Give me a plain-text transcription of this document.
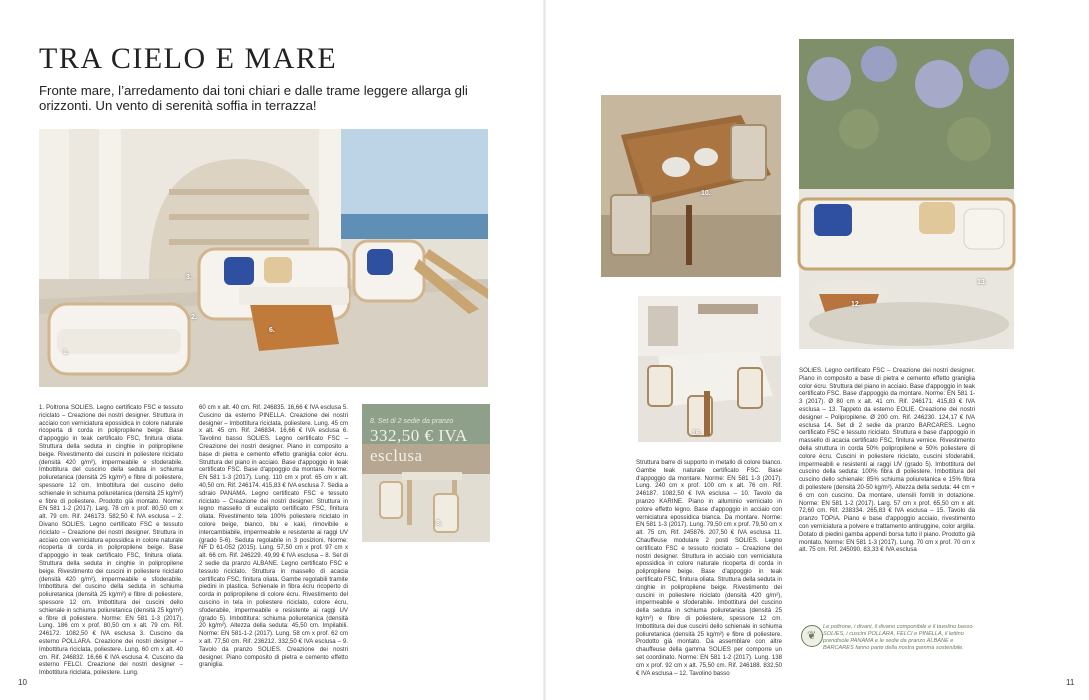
TRA CIELO E MARE

Fronte mare, l’arredamento dai toni chiari e dalle trame leggere allarga gli orizzonti. Un vento di serenità soffia in terrazza!

1.
2.
3.
6.
1. Poltrona SOLIES. Legno certificato FSC e tessuto riciclato – Creazione dei nostri designer. Struttura in acciaio con verniciatura epossidica in colore naturale ricoperta di corda in polipropilene beige. Base d'appoggio in teak certificato FSC, finitura oliata. Struttura della seduta in cinghie in polipropilene beige. Rivestimento dei cuscini in poliestere riciclato (densità 420 g/m²), impermeabile e sfoderabile. Imbottitura del cuscino della seduta in schiuma poliuretanica (densità 25 kg/m²) e fibre di poliestere, spessore 12 cm. Imbottitura del cuscino dello schienale in schiuma poliuretanica (densità 25 kg/m²) e fibre di poliestere. Prodotto già montato. Norme: EN 581 1-2 (2017). Larg. 78 cm x prof. 80,50 cm x alt. 79 cm. Rif. 246173. 582,50 € IVA esclusa – 2. Divano SOLIES. Legno certificato FSC e tessuto riciclato – Creazione dei nostri designer. Struttura in acciaio con verniciatura epossidica in colore naturale ricoperta di corda in polipropilene beige. Base d'appoggio in teak certificato FSC, finitura oliata. Struttura della seduta in cinghie in polipropilene beige. Rivestimento dei cuscini in poliestere riciclato (densità 420 g/m²), impermeabile e sfoderabile. Imbottitura del cuscino della seduta in schiuma poliuretanica (densità 25 kg/m²) e fibre di poliestere, spessore 12 cm. Imbottitura dei cuscini dello schienale in schiuma poliuretanica (densità 25 kg/m²) e fibre di poliestere. Norme: EN 581 1-3 (2017). Lung. 186 cm x prof. 80,50 cm x alt. 79 cm. Rif. 246172. 1082,50 € IVA esclusa 3. Cuscino da esterno POLLARA. Creazione dei nostri designer – Imbottitura riciclata, poliestere. Lung. 60 cm x alt. 40 cm. Rif. 246832. 16,66 € IVA esclusa 4. Cuscino da esterno FELCI. Creazione dei nostri designer – Imbottitura riciclata, poliestere. Lung.
60 cm x alt. 40 cm. Rif. 246835. 16,66 € IVA esclusa 5. Cuscino da esterno PINELLA. Creazione dei nostri designer – Imbottitura riciclata, poliestere. Lung. 45 cm x alt. 45 cm. Rif. 246834. 16,66 € IVA esclusa 6. Tavolino basso SOLIES. Legno certificato FSC – Creazione dei nostri designer. Piano in composito a base di pietra e cemento effetto graniglia color écru. Struttura del piano in acciaio. Base d'appoggio in teak certificato FSC. Base d'appoggio da montare. Norme: EN 581 1-3 (2017). Lung. 110 cm x prof. 65 cm x alt. 40,50 cm. Rif. 246174. 415,83 € IVA esclusa 7. Sedia a sdraio PANAMA. Legno certificato FSC e tessuto riciclato – Creazione dei nostri designer. Struttura in legno massello di eucalipto certificato FSC, finitura oliata. Rivestimento tela 100% poliestere riciclato in colore beige, bianco, blu e kaki, rimovibile e intercambiabile, impermeabile e resistente ai raggi UV (grado 5-6). Seduta regolabile in 3 posizioni. Norme: NF D 61-052 (2015). Lung. 57,50 cm x prof. 97 cm x alt. 66 cm. Rif. 246229. 49,99 € IVA esclusa – 8. Set di 2 sedie da pranzo ALBANE. Legno certificato FSC e tessuto riciclato. Struttura in massello di acacia certificato FSC, finitura oliata. Gambe regolabili tramite piedini in plastica. Schienale in fibra écru ricoperto di corda in polipropilene di colore écru. Rivestimento del cuscino in tela in poliestere riciclato, colore écru, sfoderabile, impermeabile e resistente ai raggi UV (grado 5). Imbottitura: schiuma poliuretanica (densità 20 kg/m²). Altezza della seduta: 45,50 cm. Impilabili. Norme: EN 581-1-2 (2017). Lung. 58 cm x prof. 62 cm x alt. 77,50 cm. Rif. 236212. 332,50 € IVA esclusa – 9. Tavolo da pranzo SOLIES. Creazione dei nostri designer. Piano composito di pietra e cemento effetto graniglia.
8. Set di 2 sedie da pranzo
332,50 € IVA esclusa
8.
10
10.
12.
13.
16.
Struttura barre di supporto in metallo di colore bianco. Gambe teak naturale certificato FSC. Base d'appoggio da montare. Norme: EN 581 1-3 (2017). Lung. 240 cm x prof. 100 cm x alt. 76 cm. Rif. 246187. 1082,50 € IVA esclusa – 10. Tavolo da pranzo KARINE. Piano in alluminio verniciato in colore effetto legno. Base d'appoggio in acciaio con verniciatura epossidica bianca. Da montare. Norme: EN 581 1-3 (2017). Lung. 79,50 cm x prof. 79,50 cm x alt. 75 cm. Rif. 245876. 207,50 € IVA esclusa 11. Chauffeuse modulare 2 posti SOLIES. Legno certificato FSC e tessuto riciclato – Creazione dei nostri designer. Struttura in acciaio con verniciatura epossidica in colore naturale ricoperta di corda in polipropilene beige. Base d'appoggio in teak certificato FSC, finitura oliata. Struttura della seduta in cinghie in polipropilene beige. Rivestimento dei cuscini in poliestere riciclato (densità 420 g/m²), impermeabile e sfoderabile. Imbottitura del cuscino della seduta in schiuma poliuretanica (densità 25 kg/m²) e fibre di poliestere, spessore 12 cm. Imbottitura dei due cuscini dello schienale in schiuma poliuretanica (densità 25 kg/m²) e fibre di poliestere. Prodotto già montato. Da assemblare con altre chauffeuse della gamma SOLIES per comporre un set coordinato. Norme: EN 581 1-2 (2017). Lung. 138 cm x prof. 92 cm x alt. 75,50 cm. Rif. 246188. 832,50 € IVA esclusa – 12. Tavolino basso
SOLIES. Legno certificato FSC – Creazione dei nostri designer. Piano in composito a base di pietra e cemento effetto graniglia color écru. Struttura del piano in acciaio. Base d'appoggio in teak certificato FSC. Base d'appoggio da montare. Norme: EN 581 1-3 (2017). Ø 80 cm x alt. 41 cm. Rif. 246171. 415,83 € IVA esclusa – 13. Tappeto da esterno EOLIE. Creazione dei nostri designer – Polipropilene. Ø 200 cm. Rif. 246230. 124,17 € IVA esclusa 14. Set di 2 sedie da pranzo BARCARES. Legno certificato FSC e tessuto riciclato. Struttura e base d'appoggio in massello di acacia certificato FSC, finitura vernice. Rivestimento della struttura in corda 50% polipropilene e 50% poliestere di colore écru. Cuscini in poliestere riciclato, cuscini sfoderabili, impermeabili e resistenti ai raggi UV (grado 5). Imbottitura del cuscino della seduta: 100% fibra di poliestere. Imbottitura del cuscino dello schienale: 85% schiuma poliuretanica e 15% fibra di poliestere (densità 20-50 kg/m²). Altezza della seduta: 44 cm + 6 cm con cuscino. Da montare, utensili forniti in dotazione. Norme: EN 581 1-2 (2017). Larg. 57 cm x prof. 65,50 cm x alt. 72,60 cm. Rif. 238334. 265,83 € IVA esclusa – 15. Tavolo da pranzo TOPIA. Piano e base d'appoggio acciaio, rivestimento con verniciatura a polvere e trattamento antiruggine, color argilla. Dotato di piedini gamba appendi borsa tutto il piano. Prodotto già montato. Norme: EN 581 1-3 (2017). Lung. 70 cm x prof. 70 cm x alt. 75 cm. Rif. 245090. 83,33 € IVA esclusa
❦
Le poltrone, i divani, il divano componibile e il tavolino basso SOLIES, i cuscini POLLARA, FELCI e PINELLA, il lettino prendisole PANAMA e le sedie da pranzo ALBANE e BARCARES fanno parte della nostra gamma sostenibile.
11
